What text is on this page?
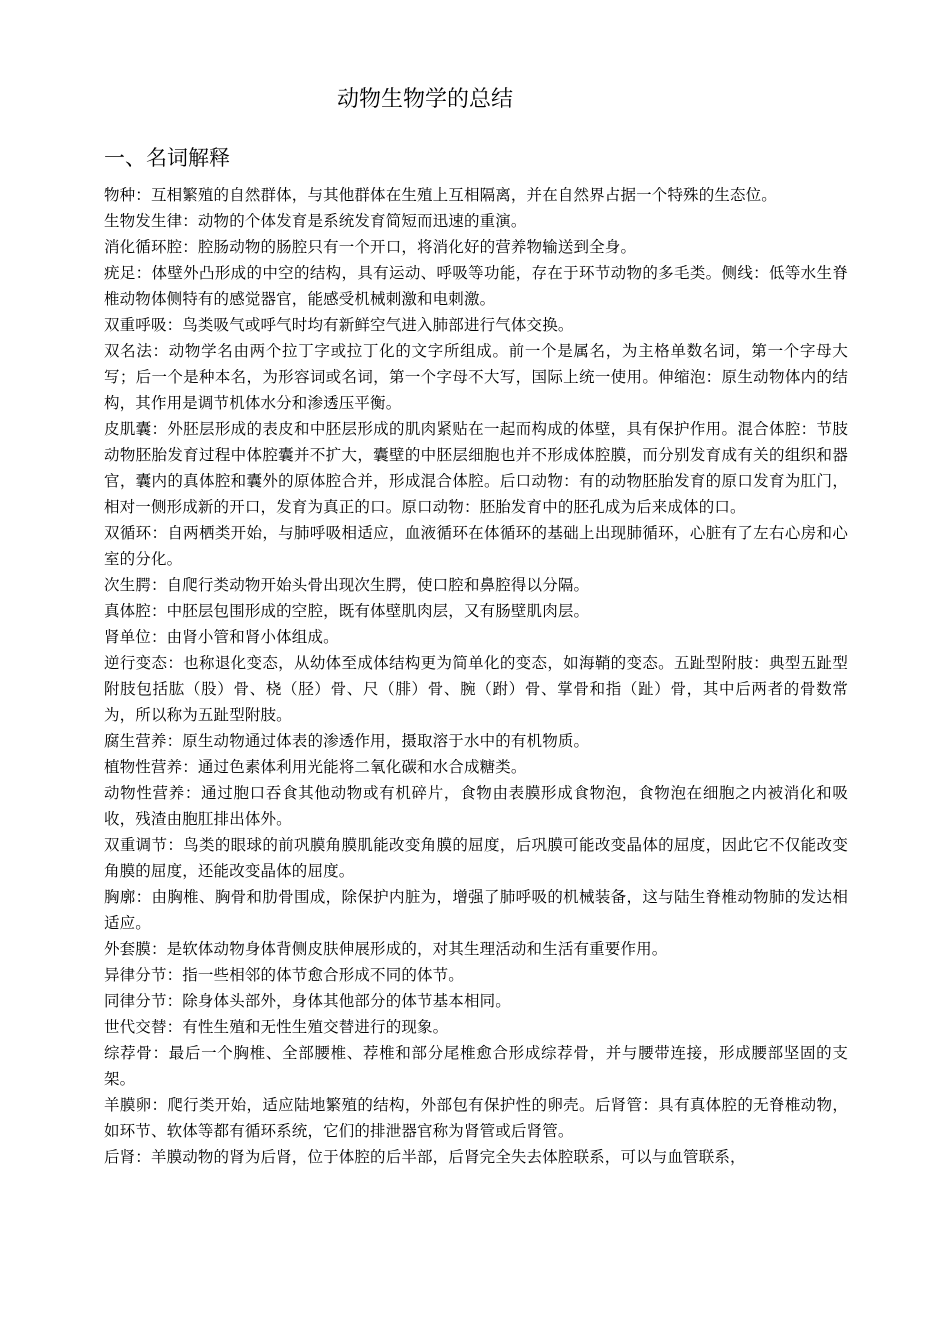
动物生物学的总结
一、名词解释

物种：互相繁殖的自然群体，与其他群体在生殖上互相隔离，并在自然界占据一个特殊的生态位。

生物发生律：动物的个体发育是系统发育简短而迅速的重演。

消化循环腔：腔肠动物的肠腔只有一个开口，将消化好的营养物输送到全身。

疣足：体壁外凸形成的中空的结构，具有运动、呼吸等功能，存在于环节动物的多毛类。侧线：低等水生脊椎动物体侧特有的感觉器官，能感受机械刺激和电刺激。

双重呼吸：鸟类吸气或呼气时均有新鲜空气进入肺部进行气体交换。

双名法：动物学名由两个拉丁字或拉丁化的文字所组成。前一个是属名，为主格单数名词，第一个字母大写；后一个是种本名，为形容词或名词，第一个字母不大写，国际上统一使用。伸缩泡：原生动物体内的结构，其作用是调节机体水分和渗透压平衡。

皮肌囊：外胚层形成的表皮和中胚层形成的肌肉紧贴在一起而构成的体壁，具有保护作用。混合体腔：节肢动物胚胎发育过程中体腔囊并不扩大，囊壁的中胚层细胞也并不形成体腔膜，而分别发育成有关的组织和器官，囊内的真体腔和囊外的原体腔合并，形成混合体腔。后口动物：有的动物胚胎发育的原口发育为肛门，相对一侧形成新的开口，发育为真正的口。原口动物：胚胎发育中的胚孔成为后来成体的口。

双循环：自两栖类开始，与肺呼吸相适应，血液循环在体循环的基础上出现肺循环，心脏有了左右心房和心室的分化。

次生腭：自爬行类动物开始头骨出现次生腭，使口腔和鼻腔得以分隔。

真体腔：中胚层包围形成的空腔，既有体壁肌肉层，又有肠壁肌肉层。

肾单位：由肾小管和肾小体组成。

逆行变态：也称退化变态，从幼体至成体结构更为简单化的变态，如海鞘的变态。五趾型附肢：典型五趾型附肢包括肱（股）骨、桡（胫）骨、尺（腓）骨、腕（跗）骨、掌骨和指（趾）骨，其中后两者的骨数常为，所以称为五趾型附肢。

腐生营养：原生动物通过体表的渗透作用，摄取溶于水中的有机物质。

植物性营养：通过色素体利用光能将二氧化碳和水合成糖类。

动物性营养：通过胞口吞食其他动物或有机碎片，食物由表膜形成食物泡，食物泡在细胞之内被消化和吸收，残渣由胞肛排出体外。

双重调节：鸟类的眼球的前巩膜角膜肌能改变角膜的屈度，后巩膜可能改变晶体的屈度，因此它不仅能改变角膜的屈度，还能改变晶体的屈度。

胸廓：由胸椎、胸骨和肋骨围成，除保护内脏为，增强了肺呼吸的机械装备，这与陆生脊椎动物肺的发达相适应。

外套膜：是软体动物身体背侧皮肤伸展形成的，对其生理活动和生活有重要作用。

异律分节：指一些相邻的体节愈合形成不同的体节。

同律分节：除身体头部外，身体其他部分的体节基本相同。

世代交替：有性生殖和无性生殖交替进行的现象。

综荐骨：最后一个胸椎、全部腰椎、荐椎和部分尾椎愈合形成综荐骨，并与腰带连接，形成腰部坚固的支架。

羊膜卵：爬行类开始，适应陆地繁殖的结构，外部包有保护性的卵壳。后肾管：具有真体腔的无脊椎动物，如环节、软体等都有循环系统，它们的排泄器官称为肾管或后肾管。

后肾：羊膜动物的肾为后肾，位于体腔的后半部，后肾完全失去体腔联系，可以与血管联系，
